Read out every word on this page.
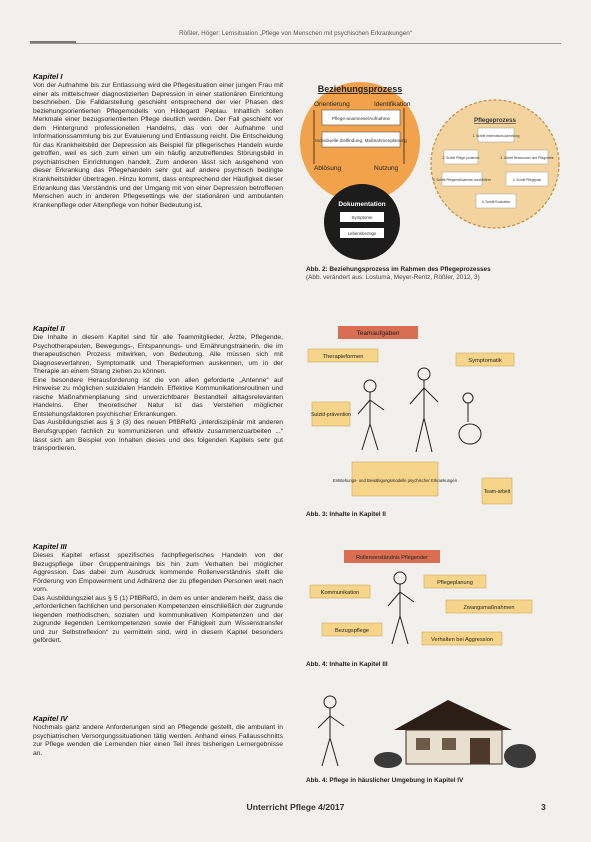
Rößler, Höger: Lernsituation „Pflege von Menschen mit psychischen Erkrankungen“
Kapitel I

Von der Aufnahme bis zur Entlassung wird die Pflegesituation einer jungen Frau mit einer als mittelschwer diagnostizierten Depression in einer stationären Einrichtung beschrieben. Die Falldarstellung geschieht entsprechend der vier Phasen des beziehungsorientierten Pflegemodells von Hildegard Peplau. Inhaltlich sollen Merkmale einer bezugsorientierten Pflege deutlich werden. Der Fall geschieht vor dem Hintergrund professionellen Handelns, das von der Aufnahme und Informationssammlung bis zur Evaluierung und Entlassung reicht. Die Entscheidung für das Krankheitsbild der Depression als Beispiel für pflegerisches Handeln wurde getroffen, weil es sich zum einen um ein häufig anzutreffendes Störungsbild in psychiatrischen Einrichtungen handelt. Zum anderen lässt sich ausgehend von dieser Erkrankung das Pflegehandeln sehr gut auf andere psychisch bedingte Krankheitsbilder übertragen. Hinzu kommt, dass entsprechend der Häufigkeit dieser Erkrankung das Verständnis und der Umgang mit von einer Depression betroffenen Menschen auch in anderen Pflegesettings wie der stationären und ambulanten Krankenpflege oder Altenpflege von hoher Bedeutung ist.

Kapitel II

Die Inhalte in diesem Kapitel sind für alle Teammitglieder, Ärzte, Pflegende, Psychotherapeuten, Bewegungs-, Entspannungs- und Ernährungstrainerin, die im therapeutischen Prozess mitwirken, von Bedeutung. Alle müssen sich mit Diagnoseverfahren, Symptomatik und Therapieformen auskennen, um in der Therapie an einem Strang ziehen zu können.
Eine besondere Herausforderung ist die von allen geforderte „Antenne“ auf Hinweise zu möglichen suizidalen Handeln. Effektive Kommunikationsroutinen und rasche Maßnahmenplanung sind unverzichtbarer Bestandteil alltagsrelevanten Handelns. Eher theoretischer Natur ist das Verstehen möglicher Entstehungsfaktoren psychischer Erkrankungen.
Das Ausbildungsziel aus § 3 (3) des neuen PflBRefG „interdisziplinär mit anderen Berufsgruppen fachlich zu kommunizieren und effektiv zusammenzuarbeiten ...“ lässt sich am Beispiel von Inhalten dieses und des folgenden Kapitels sehr gut transportieren.

Kapitel III

Dieses Kapitel erfasst spezifisches fachpflegerisches Handeln von der Bezugspflege über Gruppentrainings bis hin zum Verhalten bei möglicher Aggression. Das dabei zum Ausdruck kommende Rollenverständnis stellt die Förderung von Empowerment und Adhärenz der zu pflegenden Personen weit nach vorn.
Das Ausbildungsziel aus § 5 (1) PflBRefG, in dem es unter anderem heißt, dass die „erforderlichen fachlichen und personalen Kompetenzen einschließlich der zugrunde liegenden methodischen, sozialen und kommunikativen Kompetenzen und der zugrunde liegenden Lernkompetenzen sowie der Fähigkeit zum Wissenstransfer und zur Selbstreflexion“ zu vermitteln sind, wird in diesem Kapitel besonders gefördert.

Kapitel IV

Nochmals ganz andere Anforderungen sind an Pflegende gestellt, die ambulant in psychiatrischen Versorgungssituationen tätig werden. Anhand eines Fallausschnitts zur Pflege wenden die Lernenden hier einen Teil ihres bisherigen Lernergebnisse an.

Beziehungsprozess
Orientierung	Identifikation
Pflege-anamnese/Aufnahme
Individuelle Zielfindung, Maßnahmenplanung
Ablösung	Nutzung
Pflegeprozess
1. Schritt Informations-sammlung
2. Schritt Pflege-probleme	3. Schritt Ressourcen und Pflegeziele
4. Schritt Pflegeplan
5. Schritt Pflegemaßnahmen durchführen
6. Schritt Evaluation
Dokumentation
Symptome
Lebensbezüge
Abb. 2: Beziehungsprozess im Rahmen des Pflegeprozesses
(Abb. verändert aus: Lostuma, Meyer-Rentz, Rößler, 2012, 3)
Teamaufgaben
Therapieformen
Symptomatik
Suizid-prävention
Entstehungs- und Bewältigungsmodelle psychischer Erkrankungen
Team-arbeit
Abb. 3: Inhalte in Kapitel II
Rollenverständnis Pflegender
Pflegeplanung
Kommunikation
Zwangsmaßnahmen
Bezugspflege
Verhalten bei Aggression
Abb. 4: Inhalte in Kapitel III
Abb. 4: Pflege in häuslicher Umgebung in Kapitel IV
Unterricht Pflege 4/2017	3
